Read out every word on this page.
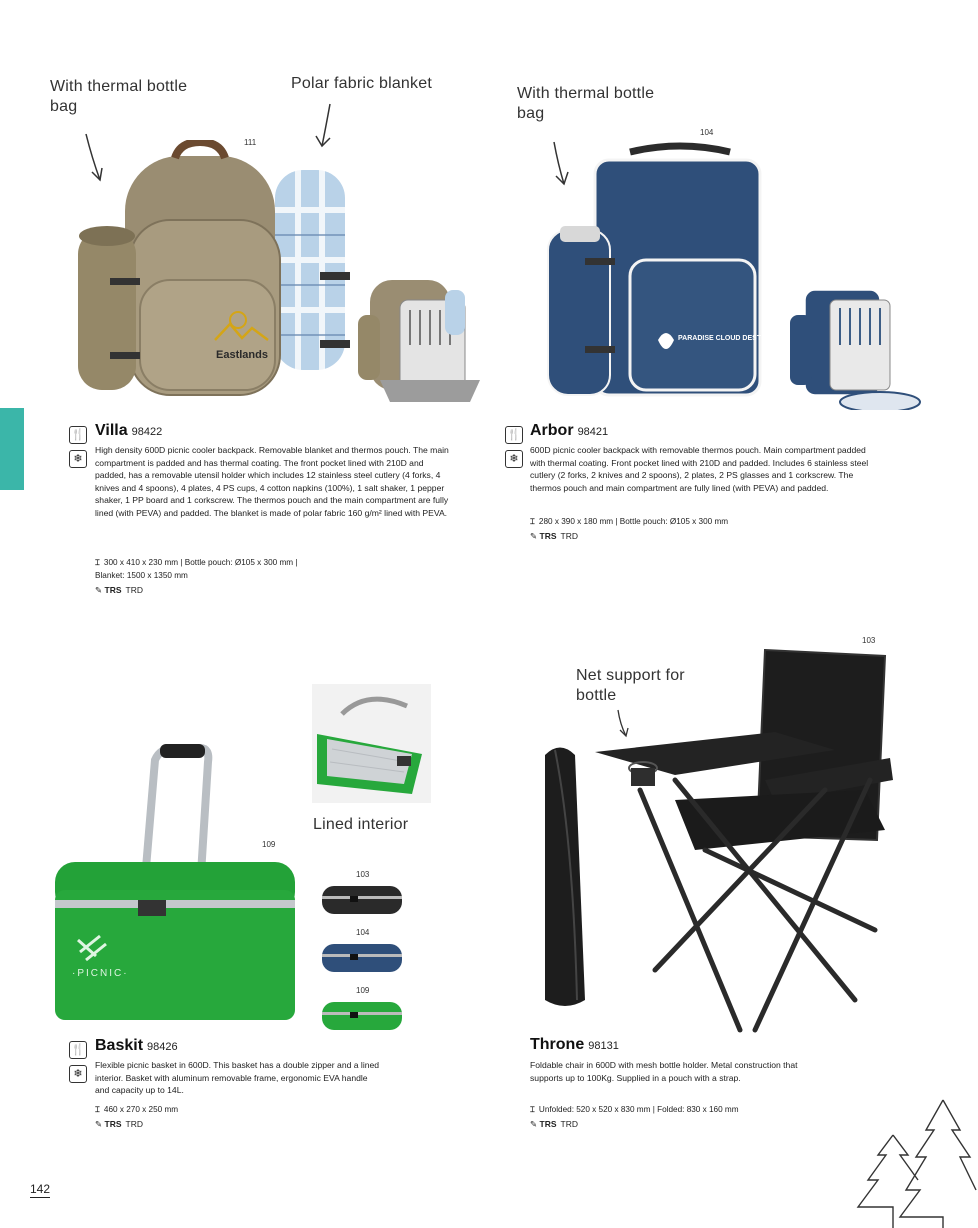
With thermal bottle bag
Polar fabric blanket
111
Eastlands
🍴
❄
Villa 98422
High density 600D picnic cooler backpack. Removable blanket and thermos pouch. The main compartment is padded and has thermal coating. The front pocket lined with 210D and padded, has a removable utensil holder which includes 12 stainless steel cutlery (4 forks, 4 knives and 4 spoons), 4 plates, 4 PS cups, 4 cotton napkins (100%), 1 salt shaker, 1 pepper shaker, 1 PP board and 1 corkscrew. The thermos pouch and the main compartment are fully lined (with PEVA) and padded. The blanket is made of polar fabric 160 g/m² lined with PEVA.
⌶ 300 x 410 x 230 mm | Bottle pouch: Ø105 x 300 mm |
Blanket: 1500 x 1350 mm
✎ TRS TRD
With thermal bottle bag
104
PARADISE CLOUD DESTINATION
🍴
❄
Arbor 98421
600D picnic cooler backpack with removable thermos pouch. Main compartment padded with thermal coating. Front pocket lined with 210D and padded. Includes 6 stainless steel cutlery (2 forks, 2 knives and 2 spoons), 2 plates, 2 PS glasses and 1 corkscrew. The thermos pouch and main compartment are fully lined (with PEVA) and padded.
⌶ 280 x 390 x 180 mm | Bottle pouch: Ø105 x 300 mm
✎ TRS TRD
Lined interior
109
·PICNIC·
103
104
109
🍴
❄
Baskit 98426
Flexible picnic basket in 600D. This basket has a double zipper and a lined interior. Basket with aluminum removable frame, ergonomic EVA handle and capacity up to 14L.
⌶ 460 x 270 x 250 mm
✎ TRS TRD
103
Net support for bottle
Throne 98131
Foldable chair in 600D with mesh bottle holder. Metal construction that supports up to 100Kg. Supplied in a pouch with a strap.
⌶ Unfolded: 520 x 520 x 830 mm | Folded: 830 x 160 mm
✎ TRS TRD
142
